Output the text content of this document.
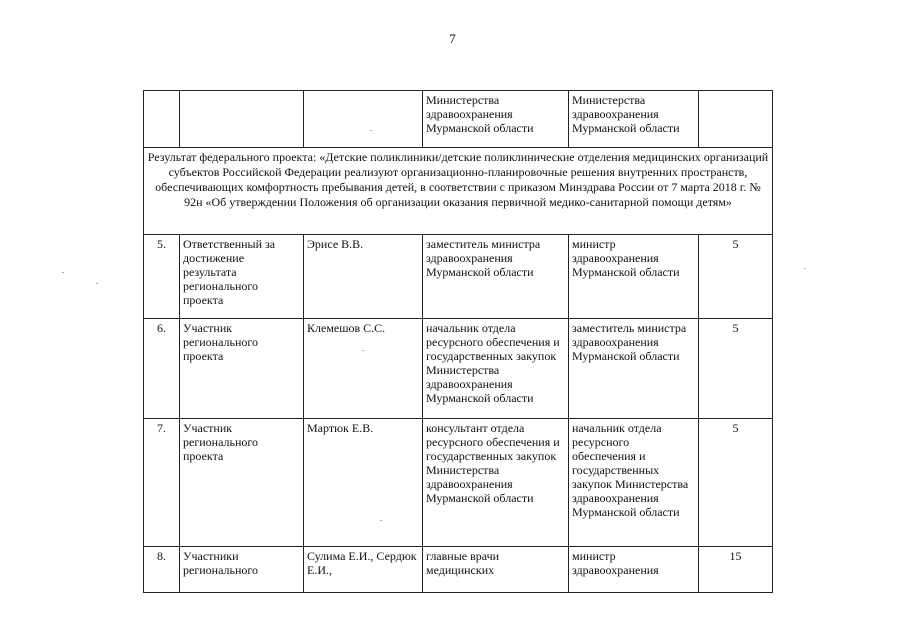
7
			Министерства здравоохранения Мурманской области	Министерства здравоохранения Мурманской области	
Результат федерального проекта: «Детские поликлиники/детские поликлинические отделения медицинских организаций субъектов Российской Федерации реализуют организационно-планировочные решения внутренних пространств, обеспечивающих комфортность пребывания детей, в соответствии с приказом Минздрава России от 7 марта 2018 г. № 92н «Об утверждении Положения об организации оказания первичной медико-санитарной помощи детям»					
5.	Ответственный за достижение результата регионального проекта	Эрисе В.В.	заместитель министра здравоохранения Мурманской области	министр здравоохранения Мурманской области	5
6.	Участник регионального проекта	Клемешов С.С.	начальник отдела ресурсного обеспечения и государственных закупок Министерства здравоохранения Мурманской области	заместитель министра здравоохранения Мурманской области	5
7.	Участник регионального проекта	Мартюк Е.В.	консультант отдела ресурсного обеспечения и государственных закупок Министерства здравоохранения Мурманской области	начальник отдела ресурсного обеспечения и государственных закупок Министерства здравоохранения Мурманской области	5
8.	Участники регионального	Сулима Е.И., Сердюк Е.И.,	главные врачи медицинских	министр здравоохранения	15
